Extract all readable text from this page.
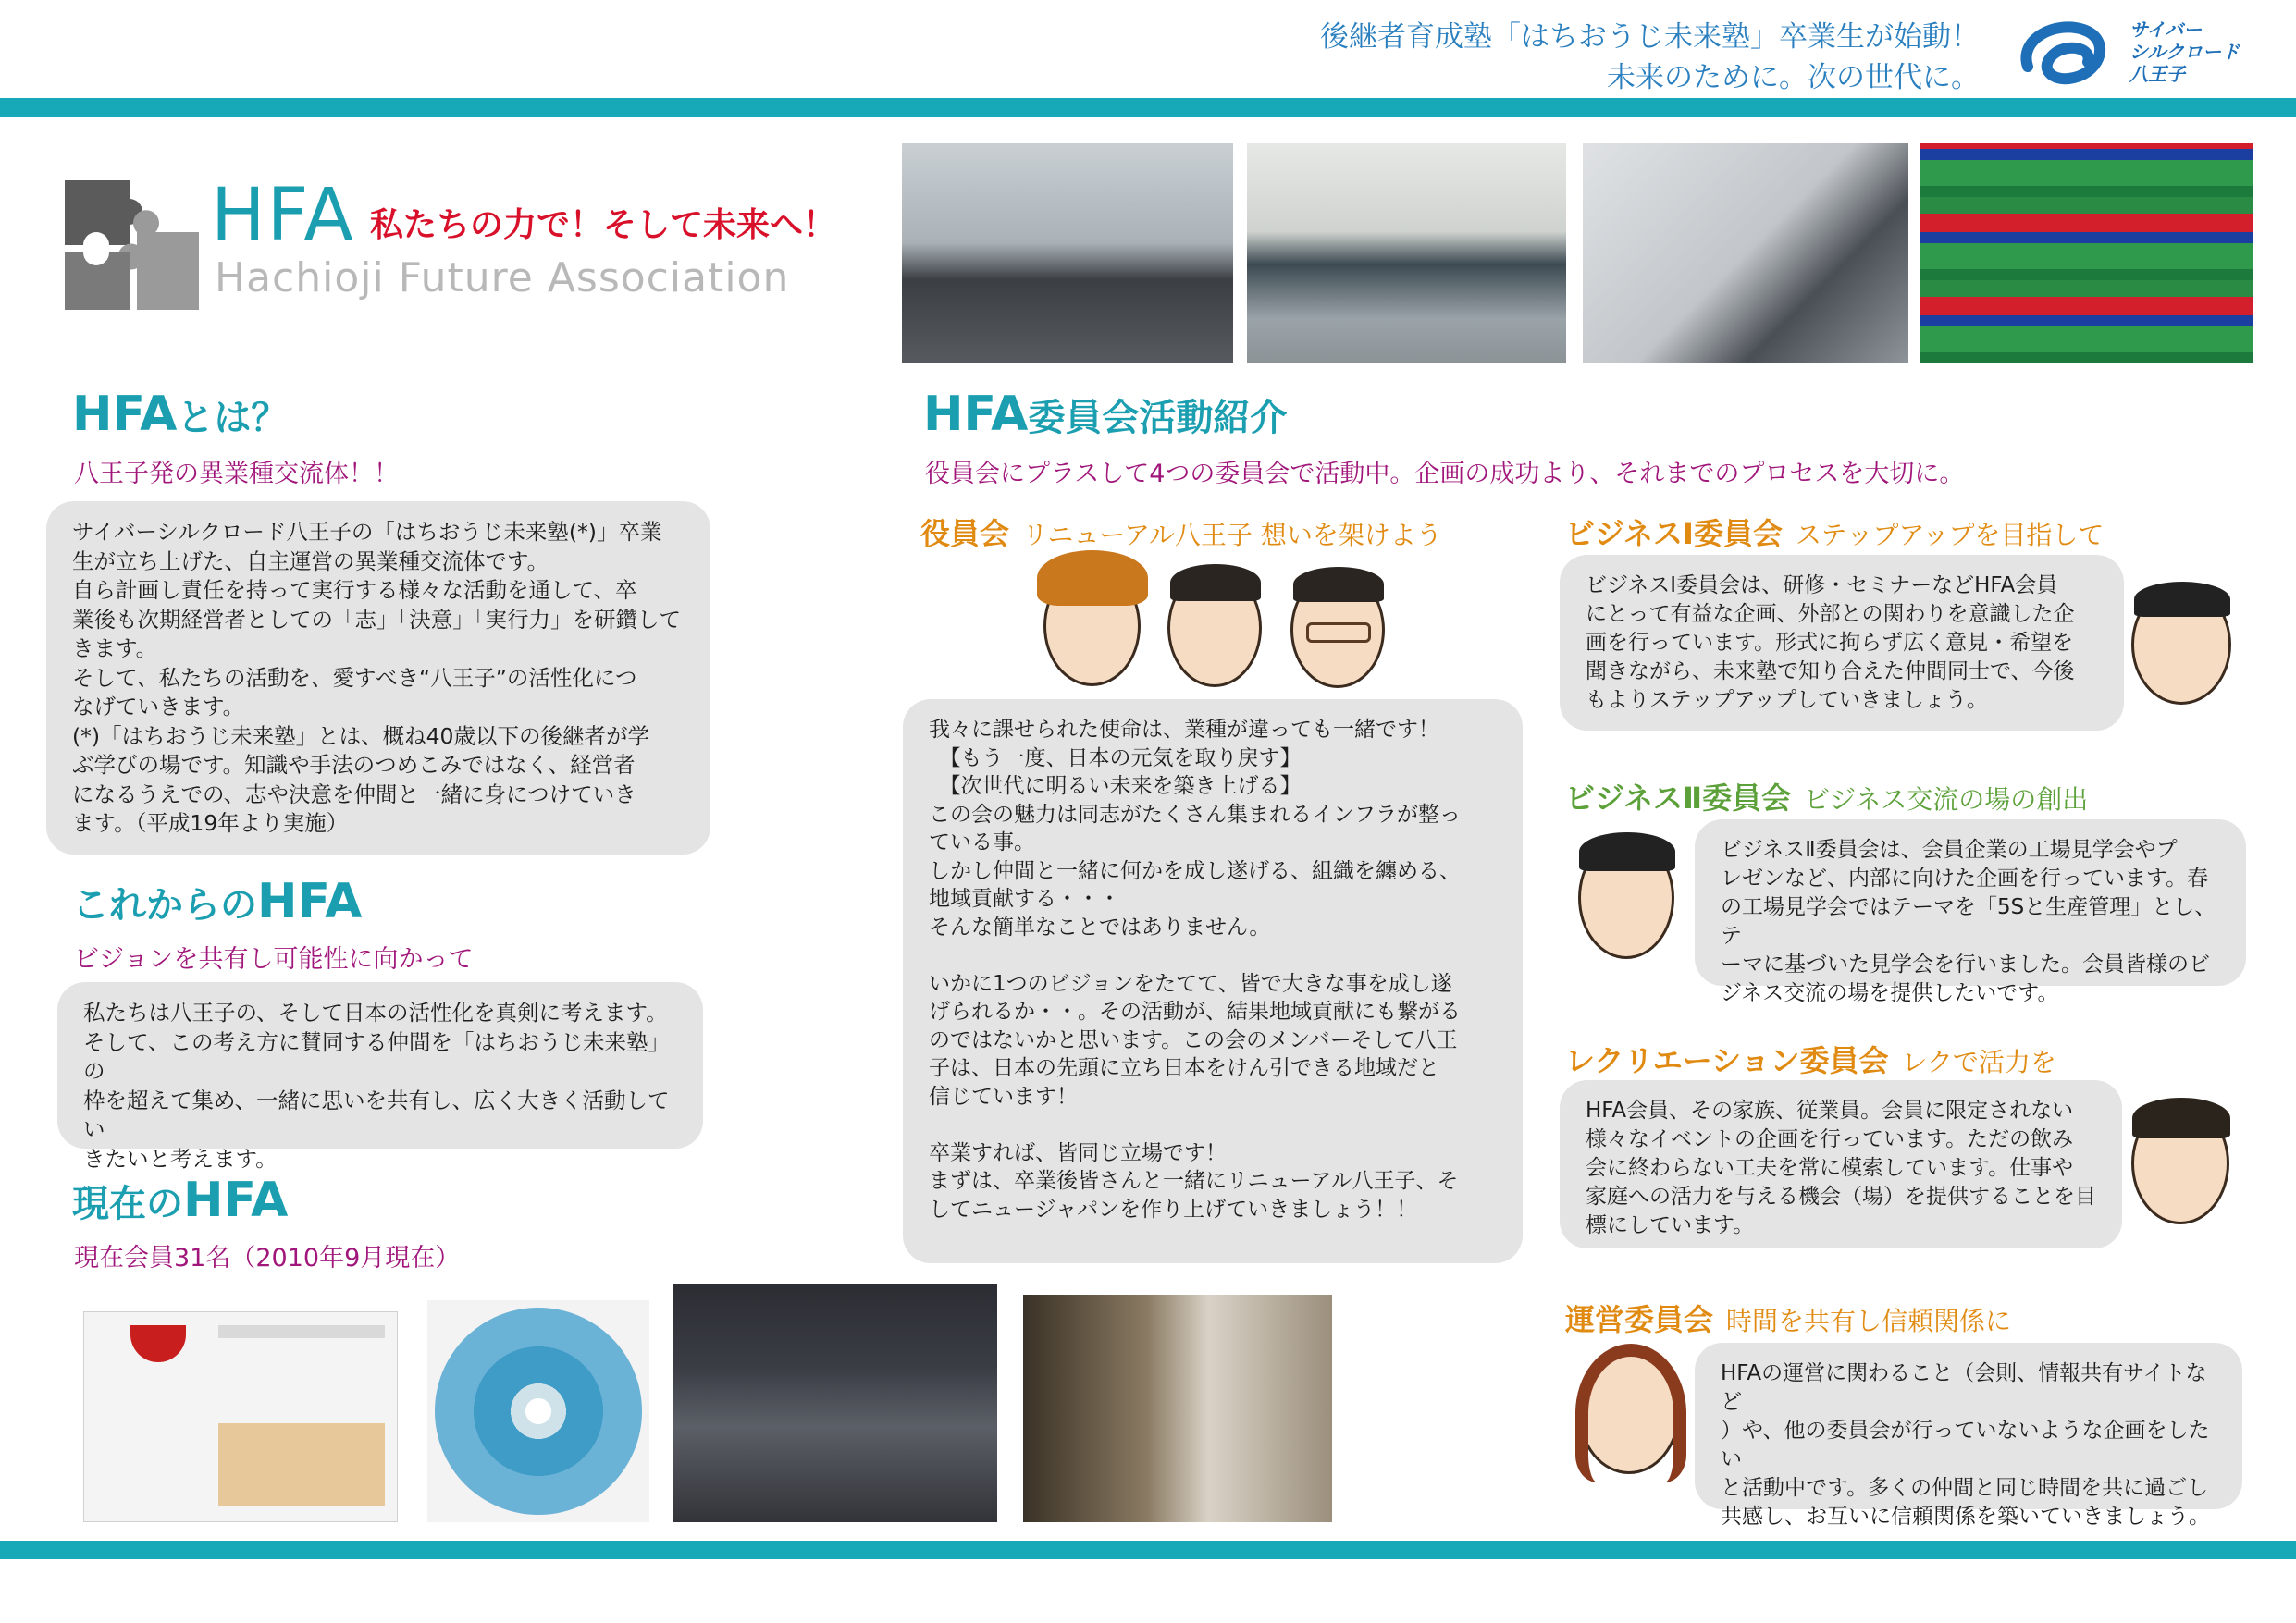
後継者育成塾「はちおうじ未来塾」卒業生が始動！
未来のために。次の世代に。
サイバー
シルクロード
八王子
HFA 私たちの力で！そして未来へ！
Hachioji Future Association
HFAとは？
八王子発の異業種交流体！！
サイバーシルクロード八王子の「はちおうじ未来塾(*)」卒業
生が立ち上げた、自主運営の異業種交流体です。
自ら計画し責任を持って実行する様々な活動を通して、卒
業後も次期経営者としての「志」「決意」「実行力」を研鑽して
きます。
そして、私たちの活動を、愛すべき“八王子”の活性化につ
なげていきます。
(*)「はちおうじ未来塾」とは、概ね40歳以下の後継者が学
ぶ学びの場です。知識や手法のつめこみではなく、経営者
になるうえでの、志や決意を仲間と一緒に身につけていき
ます。（平成19年より実施）
これからのHFA
ビジョンを共有し可能性に向かって
私たちは八王子の、そして日本の活性化を真剣に考えます。
そして、この考え方に賛同する仲間を「はちおうじ未来塾」の
枠を超えて集め、一緒に思いを共有し、広く大きく活動してい
きたいと考えます。
現在のHFA
現在会員31名（2010年9月現在）
HFA委員会活動紹介
役員会にプラスして4つの委員会で活動中。企画の成功より、それまでのプロセスを大切に。
役員会 リニューアル八王子 想いを架けよう
我々に課せられた使命は、業種が違っても一緒です！
　【もう一度、日本の元気を取り戻す】
　【次世代に明るい未来を築き上げる】
この会の魅力は同志がたくさん集まれるインフラが整っ
ている事。
しかし仲間と一緒に何かを成し遂げる、組織を纏める、
地域貢献する・・・
そんな簡単なことではありません。

いかに1つのビジョンをたてて、皆で大きな事を成し遂
げられるか・・。その活動が、結果地域貢献にも繋がる
のではないかと思います。この会のメンバーそして八王
子は、日本の先頭に立ち日本をけん引できる地域だと
信じています！

卒業すれば、皆同じ立場です！
まずは、卒業後皆さんと一緒にリニューアル八王子、そ
してニュージャパンを作り上げていきましょう！！
ビジネスⅠ委員会 ステップアップを目指して
ビジネスⅠ委員会は、研修・セミナーなどHFA会員
にとって有益な企画、外部との関わりを意識した企
画を行っています。形式に拘らず広く意見・希望を
聞きながら、未来塾で知り合えた仲間同士で、今後
もよりステップアップしていきましょう。
ビジネスⅡ委員会 ビジネス交流の場の創出
ビジネスⅡ委員会は、会員企業の工場見学会やプ
レゼンなど、内部に向けた企画を行っています。春
の工場見学会ではテーマを「5Sと生産管理」とし、テ
ーマに基づいた見学会を行いました。会員皆様のビ
ジネス交流の場を提供したいです。
レクリエーション委員会 レクで活力を
HFA会員、その家族、従業員。会員に限定されない
様々なイベントの企画を行っています。ただの飲み
会に終わらない工夫を常に模索しています。仕事や
家庭への活力を与える機会（場）を提供することを目
標にしています。
運営委員会 時間を共有し信頼関係に
HFAの運営に関わること（会則、情報共有サイトなど
）や、他の委員会が行っていないような企画をしたい
と活動中です。多くの仲間と同じ時間を共に過ごし
共感し、お互いに信頼関係を築いていきましょう。
